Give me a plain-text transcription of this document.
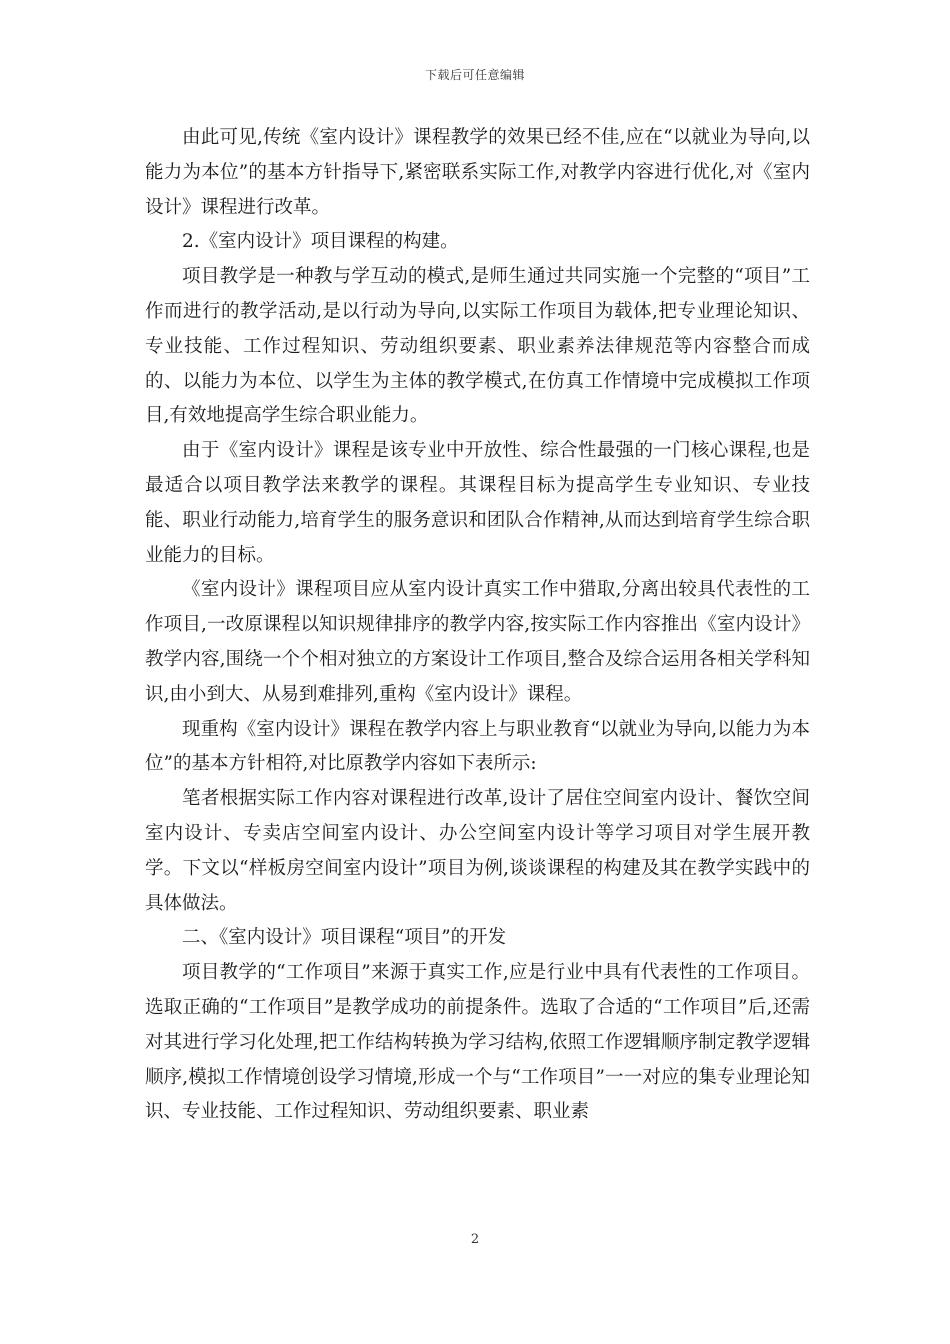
下载后可任意编辑

由此可见,传统《室内设计》课程教学的效果已经不佳,应在“以就业为导向,以能力为本位”的基本方针指导下,紧密联系实际工作,对教学内容进行优化,对《室内设计》课程进行改革。

2.《室内设计》项目课程的构建。

项目教学是一种教与学互动的模式,是师生通过共同实施一个完整的“项目”工作而进行的教学活动,是以行动为导向,以实际工作项目为载体,把专业理论知识、专业技能、工作过程知识、劳动组织要素、职业素养法律规范等内容整合而成的、以能力为本位、以学生为主体的教学模式,在仿真工作情境中完成模拟工作项目,有效地提高学生综合职业能力。

由于《室内设计》课程是该专业中开放性、综合性最强的一门核心课程,也是最适合以项目教学法来教学的课程。其课程目标为提高学生专业知识、专业技能、职业行动能力,培育学生的服务意识和团队合作精神,从而达到培育学生综合职业能力的目标。

《室内设计》课程项目应从室内设计真实工作中猎取,分离出较具代表性的工作项目,一改原课程以知识规律排序的教学内容,按实际工作内容推出《室内设计》教学内容,围绕一个个相对独立的方案设计工作项目,整合及综合运用各相关学科知识,由小到大、从易到难排列,重构《室内设计》课程。

现重构《室内设计》课程在教学内容上与职业教育“以就业为导向,以能力为本位”的基本方针相符,对比原教学内容如下表所示:

笔者根据实际工作内容对课程进行改革,设计了居住空间室内设计、餐饮空间室内设计、专卖店空间室内设计、办公空间室内设计等学习项目对学生展开教学。下文以“样板房空间室内设计”项目为例,谈谈课程的构建及其在教学实践中的具体做法。

二、《室内设计》项目课程“项目”的开发

项目教学的“工作项目”来源于真实工作,应是行业中具有代表性的工作项目。选取正确的“工作项目”是教学成功的前提条件。选取了合适的“工作项目”后,还需对其进行学习化处理,把工作结构转换为学习结构,依照工作逻辑顺序制定教学逻辑顺序,模拟工作情境创设学习情境,形成一个与“工作项目”一一对应的集专业理论知识、专业技能、工作过程知识、劳动组织要素、职业素

2
